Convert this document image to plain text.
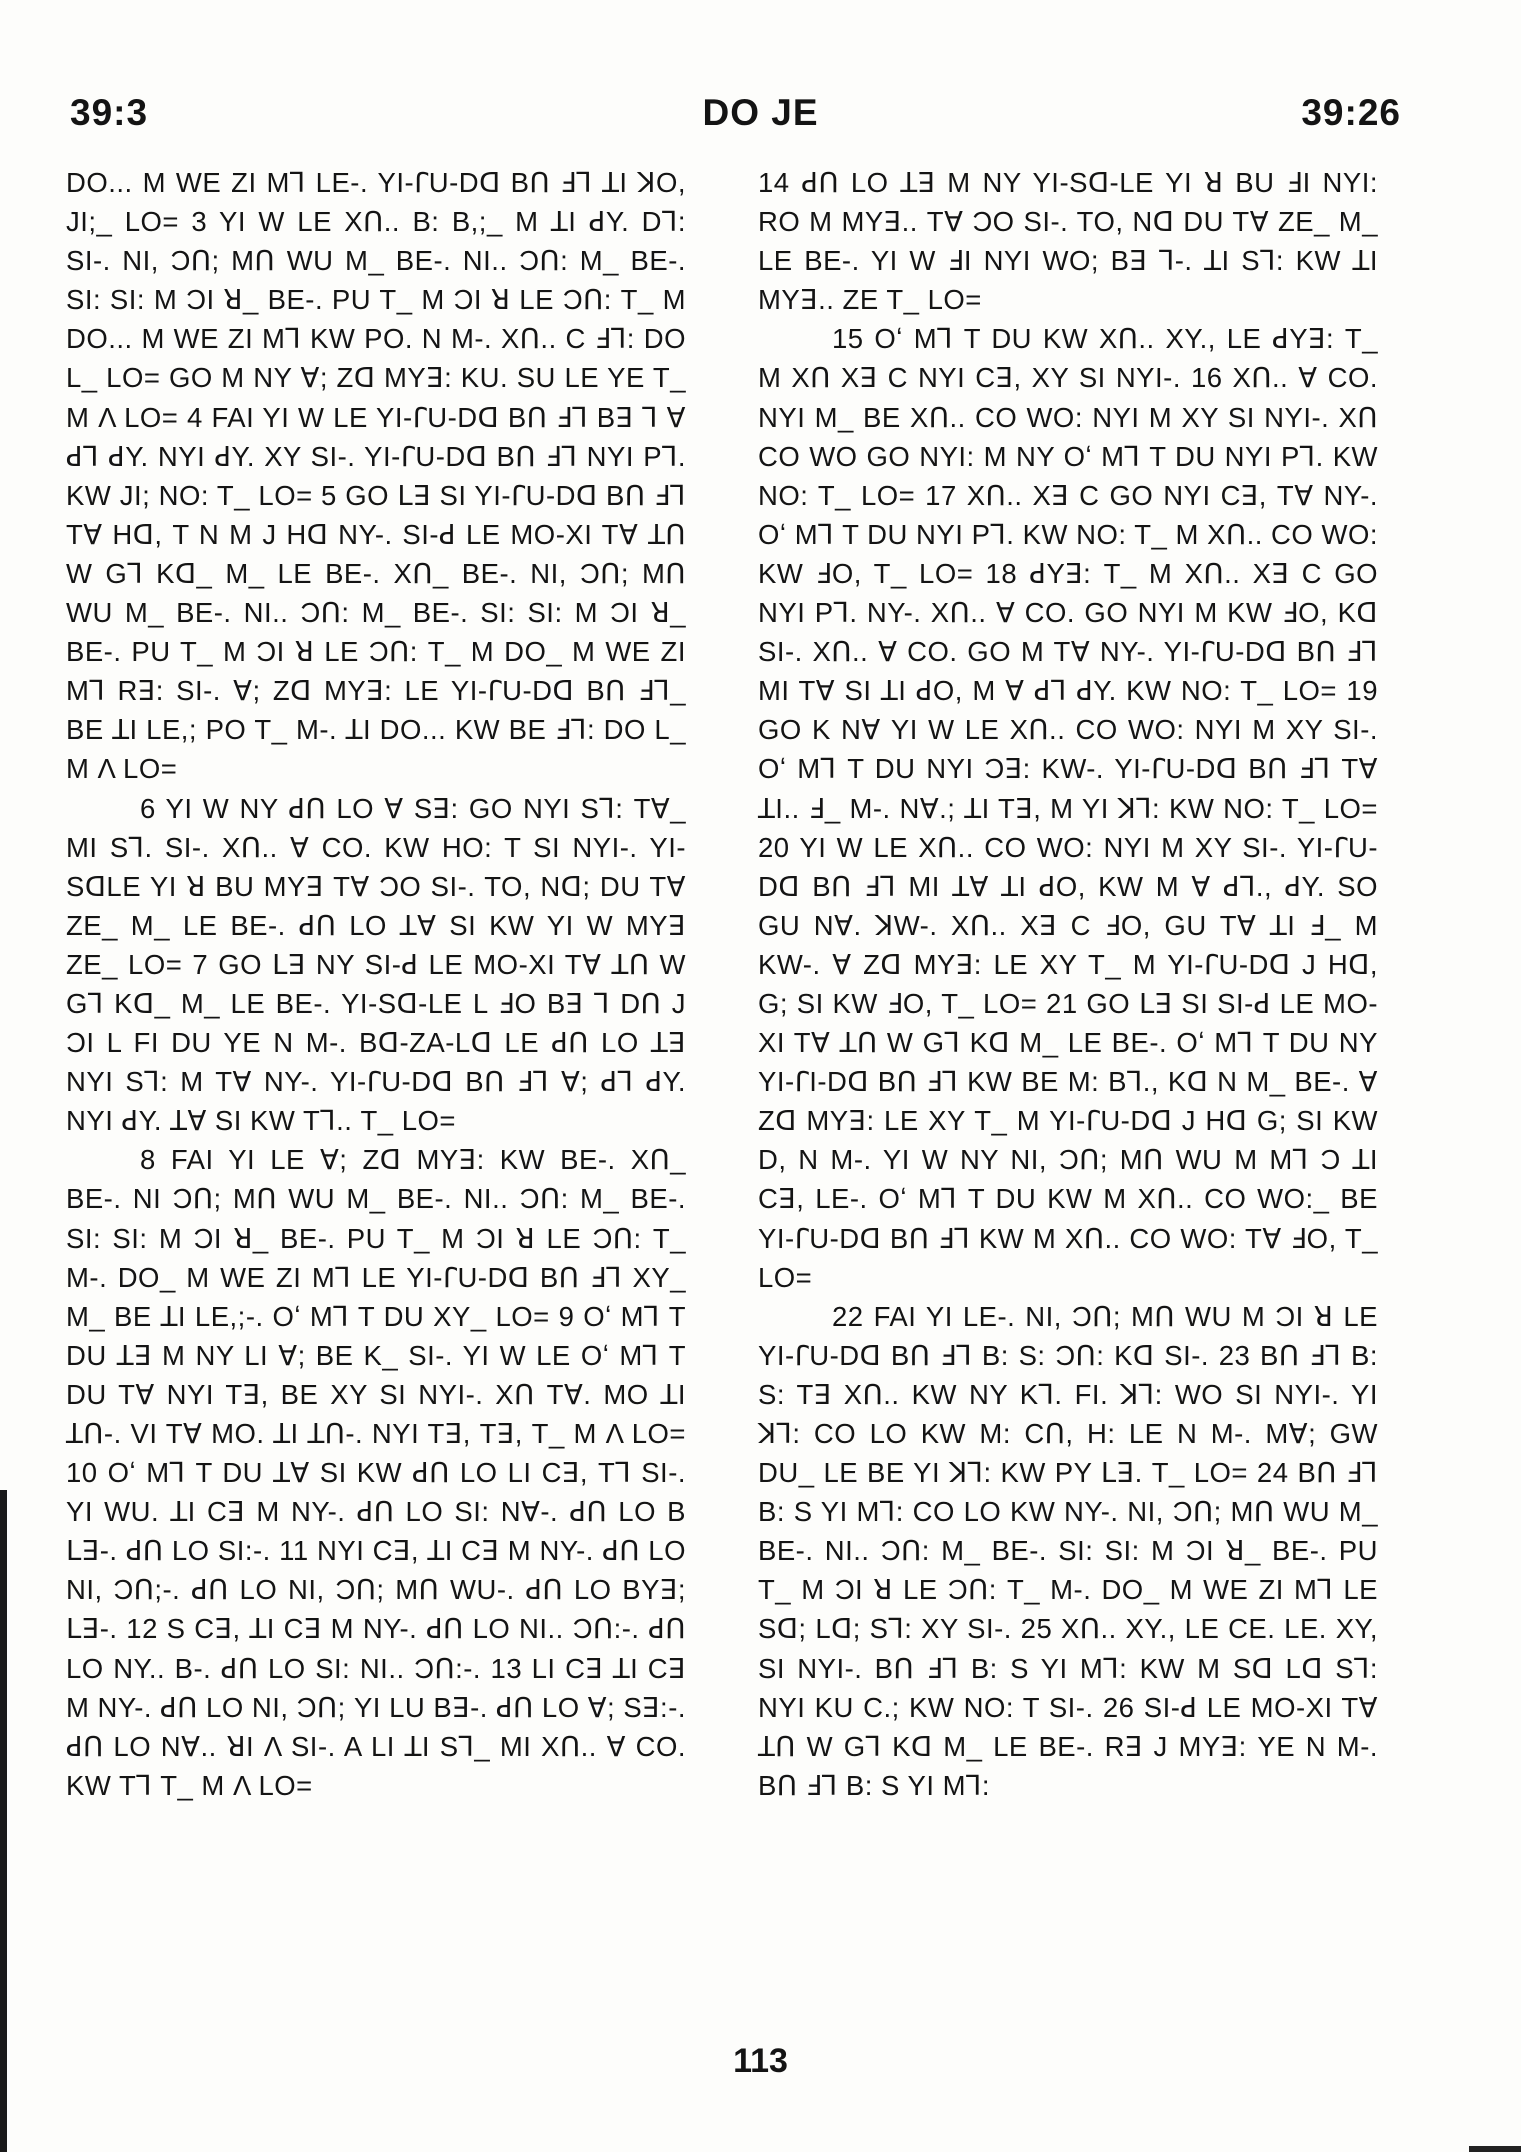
39:3	DO JE	39:26

DO... M WE ZI Mꓶ LE-. YI-ꓩU-Dꓷ Bꓵ ꓞꓶ ꓕI ꓘO, JI;_ LO= 3 YI W LE Xꓵ.. B: B,;_ M ꓕI ꓒY. Dꓶ: SI-. NI, Ɔꓵ; Mꓵ WU M_ BE-. NI.. Ɔꓵ: M_ BE-. SI: SI: M ƆI ꓤ_ BE-. PU T_ M ƆI ꓤ LE Ɔꓵ: T_ M DO... M WE ZI Mꓶ KW PO. N M-. Xꓵ.. C ꓞꓶ: DO L_ LO= GO M NY ꓯ; Zꓷ MYꓱ: KU. SU LE YE T_ M Λ LO= 4 FAI YI W LE YI-ꓩU-Dꓷ Bꓵ ꓞꓶ Bꓱ ꓶ ꓯ ꓒꓶ ꓒY. NYI ꓒY. XY SI-. YI-ꓩU-Dꓷ Bꓵ ꓞꓶ NYI Pꓶ. KW JI; NO: T_ LO= 5 GO ꓡꓱ SI YI-ꓩU-Dꓷ Bꓵ ꓞꓶ Tꓯ Hꓷ, T N M J Hꓷ NY-. SI-ꓒ LE MO-XI Tꓯ ꓕꓵ W Gꓶ Kꓷ_ M_ LE BE-. Xꓵ_ BE-. NI, Ɔꓵ; Mꓵ WU M_ BE-. NI.. Ɔꓵ: M_ BE-. SI: SI: M ƆI ꓤ_ BE-. PU T_ M ƆI ꓤ LE Ɔꓵ: T_ M DO_ M WE ZI Mꓶ Rꓱ: SI-. ꓯ; Zꓷ MYꓱ: LE YI-ꓩU-Dꓷ Bꓵ ꓞꓶ_ BE ꓕI LE,; PO T_ M-. ꓕI DO... KW BE ꓞꓶ: DO L_ M Λ LO=

6 YI W NY ꓒꓵ LO ꓯ Sꓱ: GO NYI Sꓶ: Tꓯ_ MI Sꓶ. SI-. Xꓵ.. ꓯ CO. KW HO: T SI NYI-. YI-SꓷLE YI ꓤ BU MYꓱ Tꓯ ƆO SI-. TO, Nꓷ; DU Tꓯ ZE_ M_ LE BE-. ꓒꓵ LO ꓕꓯ SI KW YI W MYꓱ ZE_ LO= 7 GO ꓡꓱ NY SI-ꓒ LE MO-XI Tꓯ ꓕꓵ W Gꓶ Kꓷ_ M_ LE BE-. YI-Sꓷ-LE L ꓞO Bꓱ ꓶ Dꓵ J ƆI L FI DU YE N M-. Bꓷ-ZA-Lꓷ LE ꓒꓵ LO ꓕꓱ NYI Sꓶ: M Tꓯ NY-. YI-ꓩU-Dꓷ Bꓵ ꓞꓶ ꓯ; ꓒꓶ ꓒY. NYI ꓒY. ꓕꓯ SI KW Tꓶ.. T_ LO=

8 FAI YI LE ꓯ; Zꓷ MYꓱ: KW BE-. Xꓵ_ BE-. NI Ɔꓵ; Mꓵ WU M_ BE-. NI.. Ɔꓵ: M_ BE-. SI: SI: M ƆI ꓤ_ BE-. PU T_ M ƆI ꓤ LE Ɔꓵ: T_ M-. DO_ M WE ZI Mꓶ LE YI-ꓩU-Dꓷ Bꓵ ꓞꓶ XY_ M_ BE ꓕI LE,;-. Oʻ Mꓶ T DU XY_ LO= 9 Oʻ Mꓶ T DU ꓕꓱ M NY LI ꓯ; BE K_ SI-. YI W LE Oʻ Mꓶ T DU Tꓯ NYI Tꓱ, BE XY SI NYI-. Xꓵ Tꓯ. MO ꓕI ꓕꓵ-. VI Tꓯ MO. ꓕI ꓕꓵ-. NYI Tꓱ, Tꓱ, T_ M Λ LO= 10 Oʻ Mꓶ T DU ꓕꓯ SI KW ꓒꓵ LO LI Cꓱ, Tꓶ SI-. YI WU. ꓕI Cꓱ M NY-. ꓒꓵ LO SI: Nꓯ-. ꓒꓵ LO B ꓡꓱ-. ꓒꓵ LO SI:-. 11 NYI Cꓱ, ꓕI Cꓱ M NY-. ꓒꓵ LO NI, Ɔꓵ;-. ꓒꓵ LO NI, Ɔꓵ; Mꓵ WU-. ꓒꓵ LO BYꓱ; ꓡꓱ-. 12 S Cꓱ, ꓕI Cꓱ M NY-. ꓒꓵ LO NI.. Ɔꓵ:-. ꓒꓵ LO NY.. B-. ꓒꓵ LO SI: NI.. Ɔꓵ:-. 13 LI Cꓱ ꓕI Cꓱ M NY-. ꓒꓵ LO NI, Ɔꓵ; YI LU Bꓱ-. ꓒꓵ LO ꓯ; Sꓱ:-. ꓒꓵ LO Nꓯ.. ꓤI Λ SI-. A LI ꓕI Sꓶ_ MI Xꓵ.. ꓯ CO. KW Tꓶ T_ M Λ LO=

14 ꓒꓵ LO ꓕꓱ M NY YI-Sꓷ-LE YI ꓤ BU ꓞI NYI: RO M MYꓱ.. Tꓯ ƆO SI-. TO, Nꓷ DU Tꓯ ZE_ M_ LE BE-. YI W ꓞI NYI WO; Bꓱ ꓶ-. ꓕI Sꓶ: KW ꓕI MYꓱ.. ZE T_ LO=

15 Oʻ Mꓶ T DU KW Xꓵ.. XY., LE ꓒYꓱ: T_ M Xꓵ Xꓱ C NYI Cꓱ, XY SI NYI-. 16 Xꓵ.. ꓯ CO. NYI M_ BE Xꓵ.. CO WO: NYI M XY SI NYI-. Xꓵ CO WO GO NYI: M NY Oʻ Mꓶ T DU NYI Pꓶ. KW NO: T_ LO= 17 Xꓵ.. Xꓱ C GO NYI Cꓱ, Tꓯ NY-. Oʻ Mꓶ T DU NYI Pꓶ. KW NO: T_ M Xꓵ.. CO WO: KW ꓞO, T_ LO= 18 ꓒYꓱ: T_ M Xꓵ.. Xꓱ C GO NYI Pꓶ. NY-. Xꓵ.. ꓯ CO. GO NYI M KW ꓞO, Kꓷ SI-. Xꓵ.. ꓯ CO. GO M Tꓯ NY-. YI-ꓩU-Dꓷ Bꓵ ꓞꓶ MI Tꓯ SI ꓕI ꓒO, M ꓯ ꓒꓶ ꓒY. KW NO: T_ LO= 19 GO K Nꓯ YI W LE Xꓵ.. CO WO: NYI M XY SI-. Oʻ Mꓶ T DU NYI Ɔꓱ: KW-. YI-ꓩU-Dꓷ Bꓵ ꓞꓶ Tꓯ ꓕI.. ꓞ_ M-. Nꓯ.; ꓕI Tꓱ, M YI ꓘꓶ: KW NO: T_ LO= 20 YI W LE Xꓵ.. CO WO: NYI M XY SI-. YI-ꓩU-Dꓷ Bꓵ ꓞꓶ MI ꓕꓯ ꓕI ꓒO, KW M ꓯ ꓒꓶ., ꓒY. SO GU Nꓯ. ꓘW-. Xꓵ.. Xꓱ C ꓞO, GU Tꓯ ꓕI ꓞ_ M KW-. ꓯ Zꓷ MYꓱ: LE XY T_ M YI-ꓩU-Dꓷ J Hꓷ, G; SI KW ꓞO, T_ LO= 21 GO ꓡꓱ SI SI-ꓒ LE MO-XI Tꓯ ꓕꓵ W Gꓶ Kꓷ M_ LE BE-. Oʻ Mꓶ T DU NY YI-ꓩI-Dꓷ Bꓵ ꓞꓶ KW BE M: Bꓶ., Kꓷ N M_ BE-. ꓯ Zꓷ MYꓱ: LE XY T_ M YI-ꓩU-Dꓷ J Hꓷ G; SI KW D, N M-. YI W NY NI, Ɔꓵ; Mꓵ WU M Mꓶ Ɔ ꓕI Cꓱ, LE-. Oʻ Mꓶ T DU KW M Xꓵ.. CO WO:_ BE YI-ꓩU-Dꓷ Bꓵ ꓞꓶ KW M Xꓵ.. CO WO: Tꓯ ꓞO, T_ LO=

22 FAI YI LE-. NI, Ɔꓵ; Mꓵ WU M ƆI ꓤ LE YI-ꓩU-Dꓷ Bꓵ ꓞꓶ B: S: Ɔꓵ: Kꓷ SI-. 23 Bꓵ ꓞꓶ B: S: Tꓱ Xꓵ.. KW NY Kꓶ. FI. ꓘꓶ: WO SI NYI-. YI ꓘꓶ: CO LO KW M: Cꓵ, H: LE N M-. Mꓯ; GW DU_ LE BE YI ꓘꓶ: KW PY ꓡꓱ. T_ LO= 24 Bꓵ ꓞꓶ B: S YI Mꓶ: CO LO KW NY-. NI, Ɔꓵ; Mꓵ WU M_ BE-. NI.. Ɔꓵ: M_ BE-. SI: SI: M ƆI ꓤ_ BE-. PU T_ M ƆI ꓤ LE Ɔꓵ: T_ M-. DO_ M WE ZI Mꓶ LE Sꓷ; Lꓷ; Sꓶ: XY SI-. 25 Xꓵ.. XY., LE CE. LE. XY, SI NYI-. Bꓵ ꓞꓶ B: S YI Mꓶ: KW M Sꓷ Lꓷ Sꓶ: NYI KU C.; KW NO: T SI-. 26 SI-ꓒ LE MO-XI Tꓯ ꓕꓵ W Gꓶ Kꓷ M_ LE BE-. Rꓱ J MYꓱ: YE N M-. Bꓵ ꓞꓶ B: S YI Mꓶ:

113
